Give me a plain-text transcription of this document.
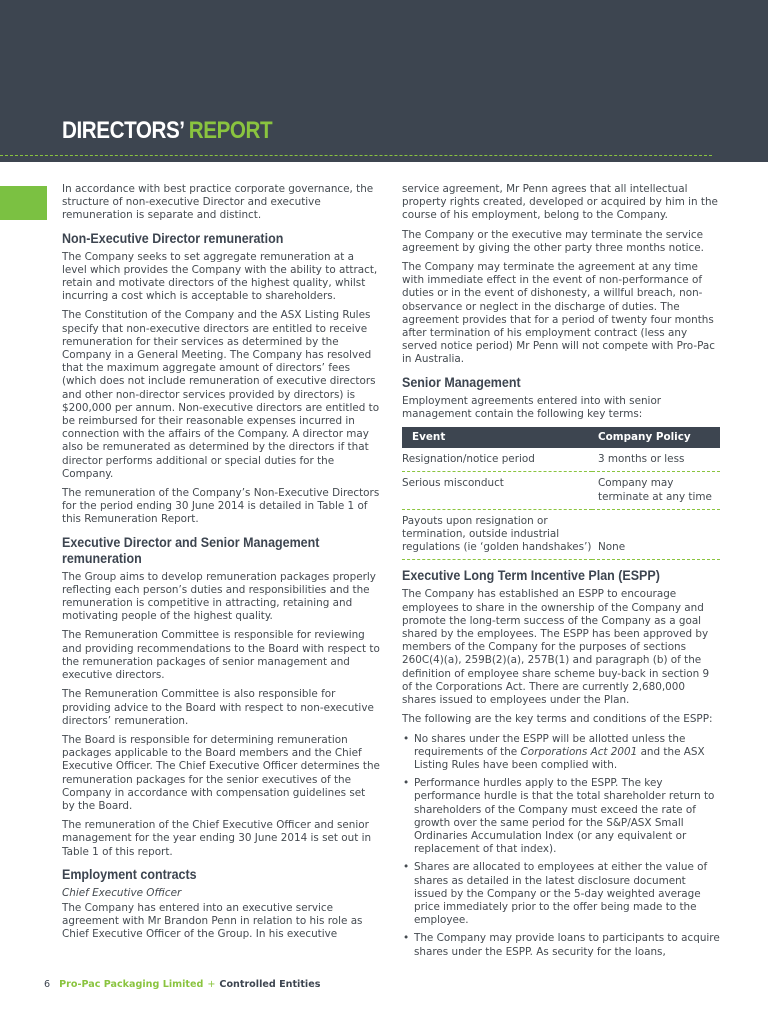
DIRECTORS’ REPORT

In accordance with best practice corporate governance, the structure of non-executive Director and executive remuneration is separate and distinct.

Non-Executive Director remuneration

The Company seeks to set aggregate remuneration at a level which provides the Company with the ability to attract, retain and motivate directors of the highest quality, whilst incurring a cost which is acceptable to shareholders.

The Constitution of the Company and the ASX Listing Rules specify that non-executive directors are entitled to receive remuneration for their services as determined by the Company in a General Meeting. The Company has resolved that the maximum aggregate amount of directors’ fees (which does not include remuneration of executive directors and other non-director services provided by directors) is $200,000 per annum. Non-executive directors are entitled to be reimbursed for their reasonable expenses incurred in connection with the affairs of the Company. A director may also be remunerated as determined by the directors if that director performs additional or special duties for the Company.

The remuneration of the Company’s Non-Executive Directors for the period ending 30 June 2014 is detailed in Table 1 of this Remuneration Report.

Executive Director and Senior Management remuneration

The Group aims to develop remuneration packages properly reflecting each person’s duties and responsibilities and the remuneration is competitive in attracting, retaining and motivating people of the highest quality.

The Remuneration Committee is responsible for reviewing and providing recommendations to the Board with respect to the remuneration packages of senior management and executive directors.

The Remuneration Committee is also responsible for providing advice to the Board with respect to non-executive directors’ remuneration.

The Board is responsible for determining remuneration packages applicable to the Board members and the Chief Executive Officer. The Chief Executive Officer determines the remuneration packages for the senior executives of the Company in accordance with compensation guidelines set by the Board.

The remuneration of the Chief Executive Officer and senior management for the year ending 30 June 2014 is set out in Table 1 of this report.

Employment contracts

Chief Executive Officer

The Company has entered into an executive service agreement with Mr Brandon Penn in relation to his role as Chief Executive Officer of the Group. In his executive

service agreement, Mr Penn agrees that all intellectual property rights created, developed or acquired by him in the course of his employment, belong to the Company.

The Company or the executive may terminate the service agreement by giving the other party three months notice.

The Company may terminate the agreement at any time with immediate effect in the event of non-performance of duties or in the event of dishonesty, a willful breach, non-observance or neglect in the discharge of duties. The agreement provides that for a period of twenty four months after termination of his employment contract (less any served notice period) Mr Penn will not compete with Pro-Pac in Australia.

Senior Management

Employment agreements entered into with senior management contain the following key terms:

Event	Company Policy
Resignation/notice period	3 months or less
Serious misconduct	Company may terminate at any time
Payouts upon resignation or termination, outside industrial regulations (ie ‘golden handshakes’)	None
Executive Long Term Incentive Plan (ESPP)

The Company has established an ESPP to encourage employees to share in the ownership of the Company and promote the long-term success of the Company as a goal shared by the employees. The ESPP has been approved by members of the Company for the purposes of sections 260C(4)(a), 259B(2)(a), 257B(1) and paragraph (b) of the definition of employee share scheme buy-back in section 9 of the Corporations Act. There are currently 2,680,000 shares issued to employees under the Plan.

The following are the key terms and conditions of the ESPP:

• No shares under the ESPP will be allotted unless the requirements of the Corporations Act 2001 and the ASX Listing Rules have been complied with.
• Performance hurdles apply to the ESPP. The key performance hurdle is that the total shareholder return to shareholders of the Company must exceed the rate of growth over the same period for the S&P/ASX Small Ordinaries Accumulation Index (or any equivalent or replacement of that index).
• Shares are allocated to employees at either the value of shares as detailed in the latest disclosure document issued by the Company or the 5-day weighted average price immediately prior to the offer being made to the employee.
• The Company may provide loans to participants to acquire shares under the ESPP. As security for the loans,
6 Pro-Pac Packaging Limited + Controlled Entities
